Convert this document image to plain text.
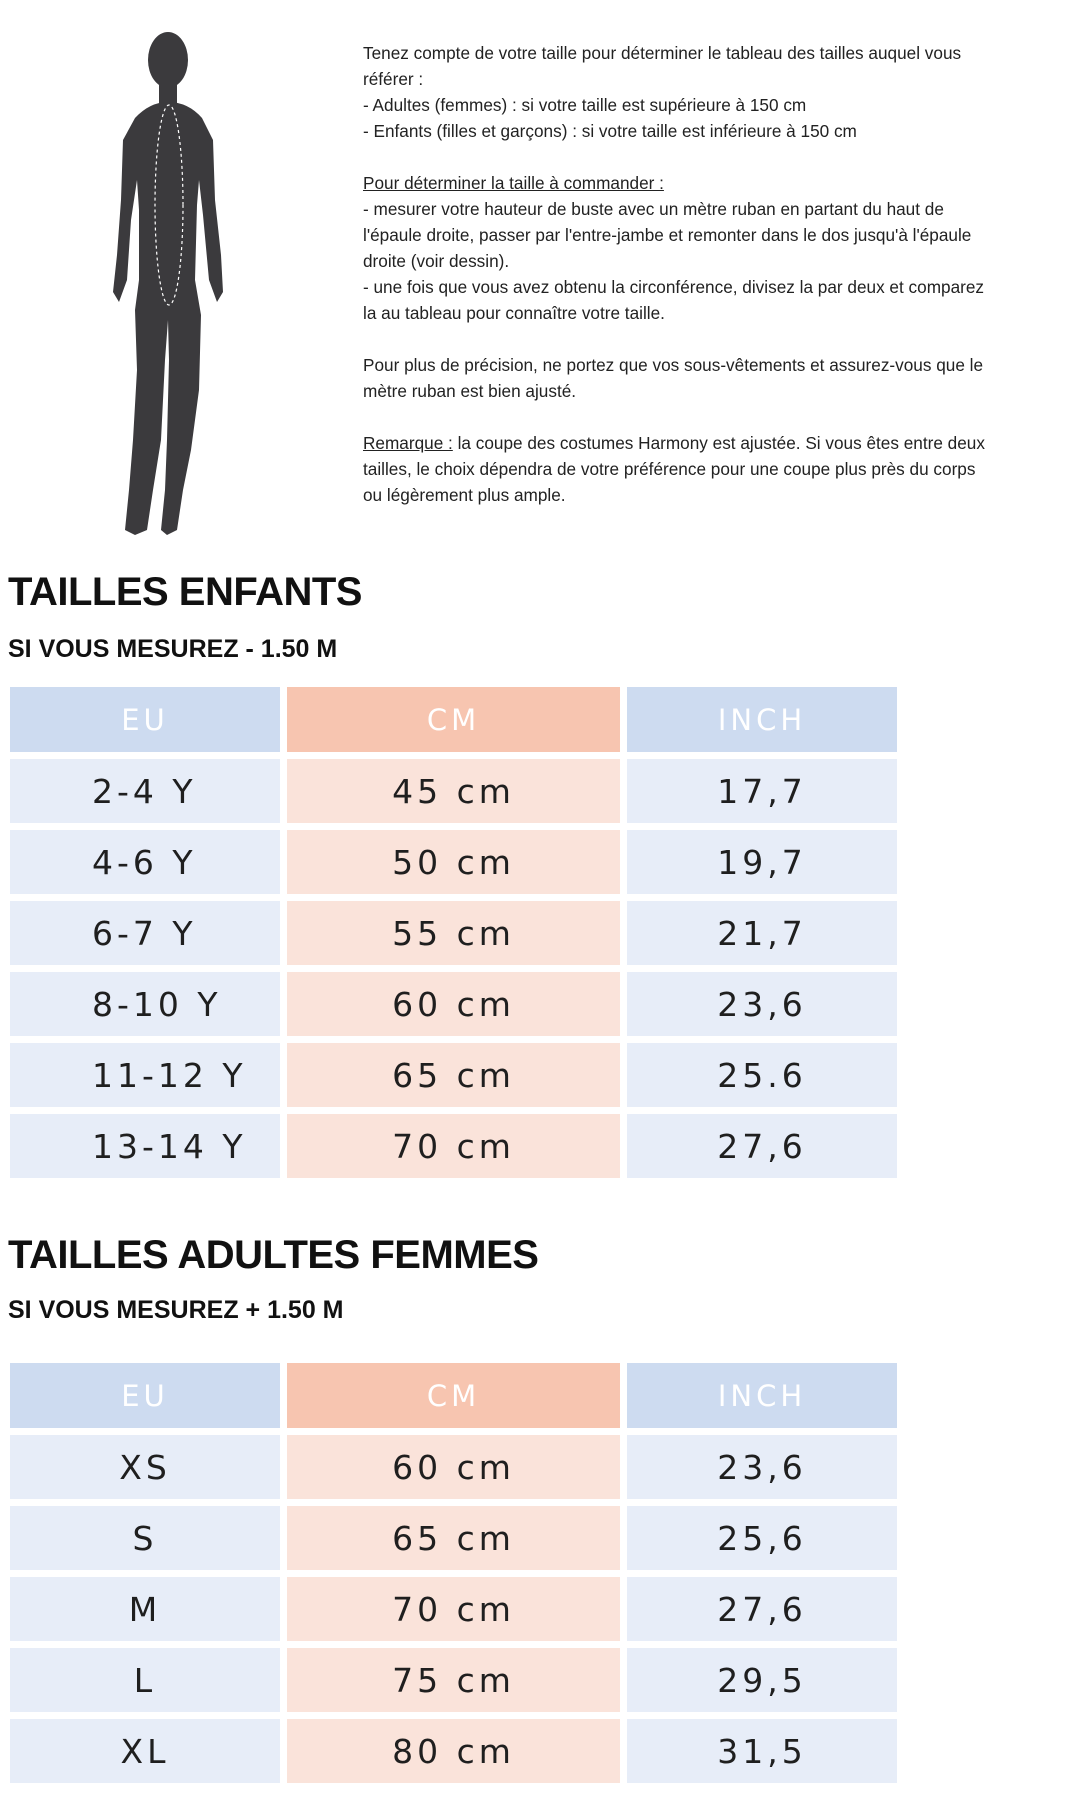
Tenez compte de votre taille pour déterminer le tableau des tailles auquel vous
référer :
- Adultes (femmes) : si votre taille est supérieure à 150 cm
- Enfants (filles et garçons) : si votre taille est inférieure à 150 cm

Pour déterminer la taille à commander :
- mesurer votre hauteur de buste avec un mètre ruban en partant du haut de
l'épaule droite, passer par l'entre-jambe et remonter dans le dos jusqu'à l'épaule
droite (voir dessin).
- une fois que vous avez obtenu la circonférence, divisez la par deux et comparez
la au tableau pour connaître votre taille.

Pour plus de précision, ne portez que vos sous-vêtements et assurez-vous que le
mètre ruban est bien ajusté.

Remarque : la coupe des costumes Harmony est ajustée. Si vous êtes entre deux
tailles, le choix dépendra de votre préférence pour une coupe plus près du corps
ou légèrement plus ample.

TAILLES ENFANTS
SI VOUS MESUREZ - 1.50 M
EU	CM	INCH
2-4 Y	45 cm	17,7
4-6 Y	50 cm	19,7
6-7 Y	55 cm	21,7
8-10 Y	60 cm	23,6
11-12 Y	65 cm	25.6
13-14 Y	70 cm	27,6
TAILLES ADULTES FEMMES
SI VOUS MESUREZ + 1.50 M
EU	CM	INCH
XS	60 cm	23,6
S	65 cm	25,6
M	70 cm	27,6
L	75 cm	29,5
XL	80 cm	31,5
